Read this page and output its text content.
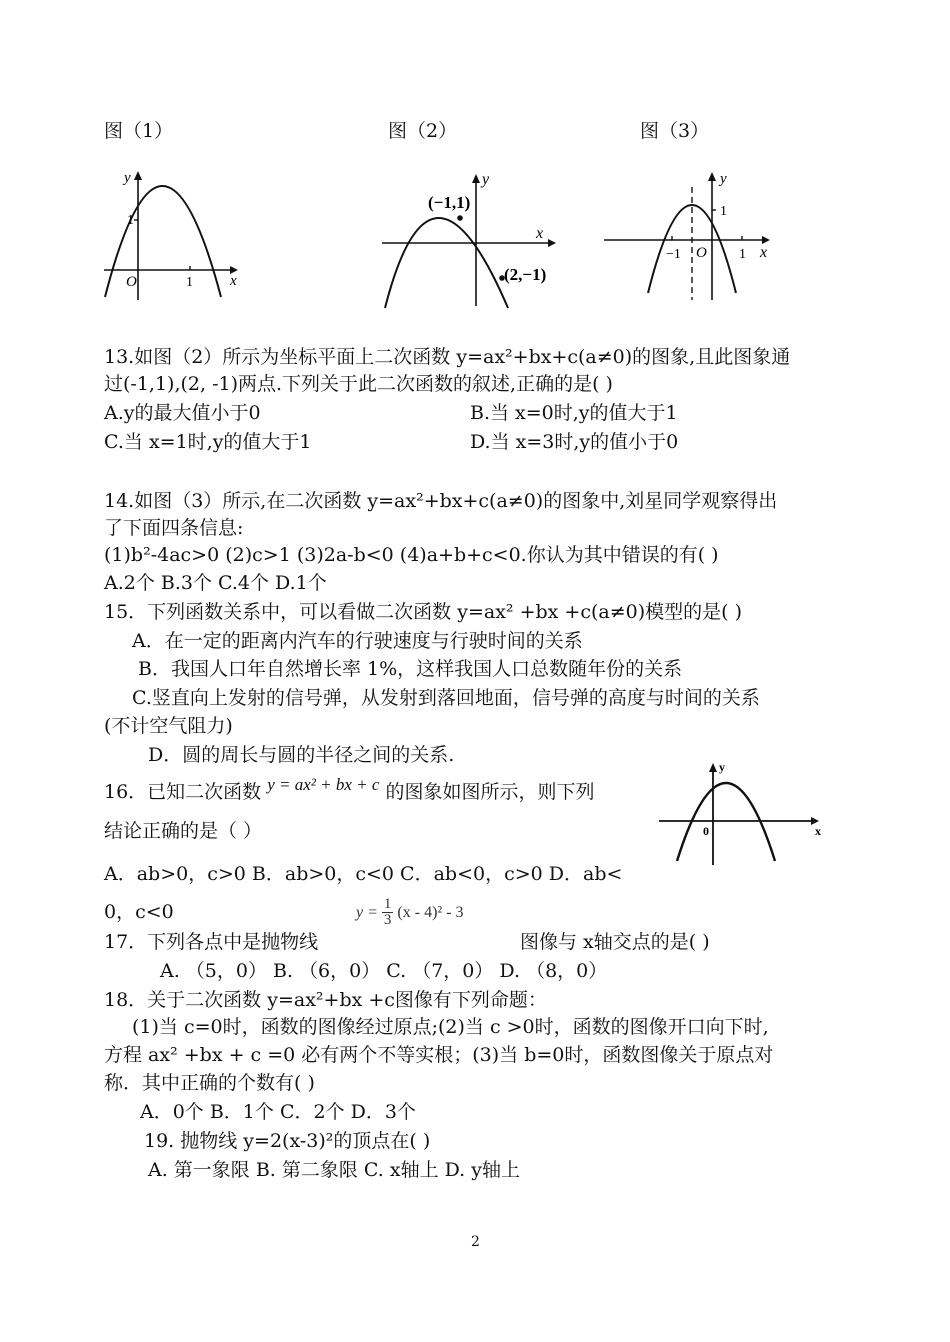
图（1）	图（2）	图（3）
y
x
O
1
1
y
x
(−1,1)
(2,−1)
y
x
O
1
−1	1
13.如图（2）所示为坐标平面上二次函数 y=ax²+bx+c(a≠0)的图象,且此图象通
过(-1,1),(2, -1)两点.下列关于此二次函数的叙述,正确的是( )
A.y的最大值小于0	B.当 x=0时,y的值大于1
C.当 x=1时,y的值大于1	D.当 x=3时,y的值小于0
14.如图（3）所示,在二次函数 y=ax²+bx+c(a≠0)的图象中,刘星同学观察得出
了下面四条信息:
(1)b²-4ac>0 (2)c>1 (3)2a-b<0 (4)a+b+c<0.你认为其中错误的有( )
A.2个 B.3个 C.4个 D.1个
15．下列函数关系中，可以看做二次函数 y=ax² +bx +c(a≠0)模型的是( )
A．在一定的距离内汽车的行驶速度与行驶时间的关系
B．我国人口年自然增长率 1%，这样我国人口总数随年份的关系
C.竖直向上发射的信号弹，从发射到落回地面，信号弹的高度与时间的关系
(不计空气阻力)
D．圆的周长与圆的半径之间的关系.
16．已知二次函数 y = ax² + bx + c 的图象如图所示，则下列
结论正确的是（ ）
A．ab>0，c>0 B．ab>0，c<0 C．ab<0，c>0 D．ab<
0，c<0
y
x
0
$y = \frac{1}{3} (x - 4)^2 - 3$
17．下列各点中是抛物线	图像与 x轴交点的是( )
A. （5，0） B. （6，0） C. （7，0） D. （8，0）
18．关于二次函数 y=ax²+bx +c图像有下列命题：
(1)当 c=0时，函数的图像经过原点;(2)当 c >0时，函数的图像开口向下时,
方程 ax² +bx + c =0 必有两个不等实根；(3)当 b=0时，函数图像关于原点对
称．其中正确的个数有( )
A．0个 B．1个 C．2个 D．3个
19. 抛物线 y=2(x-3)²的顶点在( )
A. 第一象限 B. 第二象限 C. x轴上 D. y轴上
2
